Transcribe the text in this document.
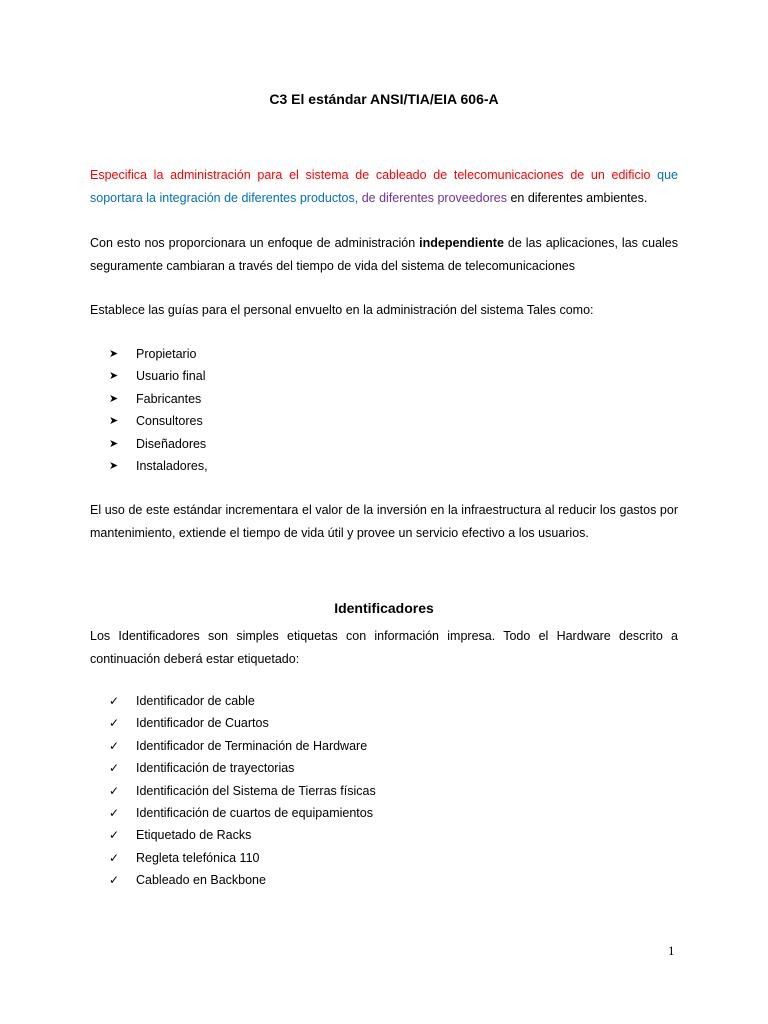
C3 El estándar ANSI/TIA/EIA 606-A

Especifica la administración para el sistema de cableado de telecomunicaciones de un edificio que soportara la integración de diferentes productos, de diferentes proveedores en diferentes ambientes.

Con esto nos proporcionara un enfoque de administración independiente de las aplicaciones, las cuales seguramente cambiaran a través del tiempo de vida del sistema de telecomunicaciones

Establece las guías para el personal envuelto en la administración del sistema Tales como:

➤	Propietario
➤	Usuario final
➤	Fabricantes
➤	Consultores
➤	Diseñadores
➤	Instaladores,

El uso de este estándar incrementara el valor de la inversión en la infraestructura al reducir los gastos por mantenimiento, extiende el tiempo de vida útil y provee un servicio efectivo a los usuarios.

Identificadores

Los Identificadores son simples etiquetas con información impresa. Todo el Hardware descrito a continuación deberá estar etiquetado:

✓	Identificador de cable
✓	Identificador de Cuartos
✓	Identificador de Terminación de Hardware
✓	Identificación de trayectorias
✓	Identificación del Sistema de Tierras físicas
✓	Identificación de cuartos de equipamientos
✓	Etiquetado de Racks
✓	Regleta telefónica 110
✓	Cableado en Backbone
1
